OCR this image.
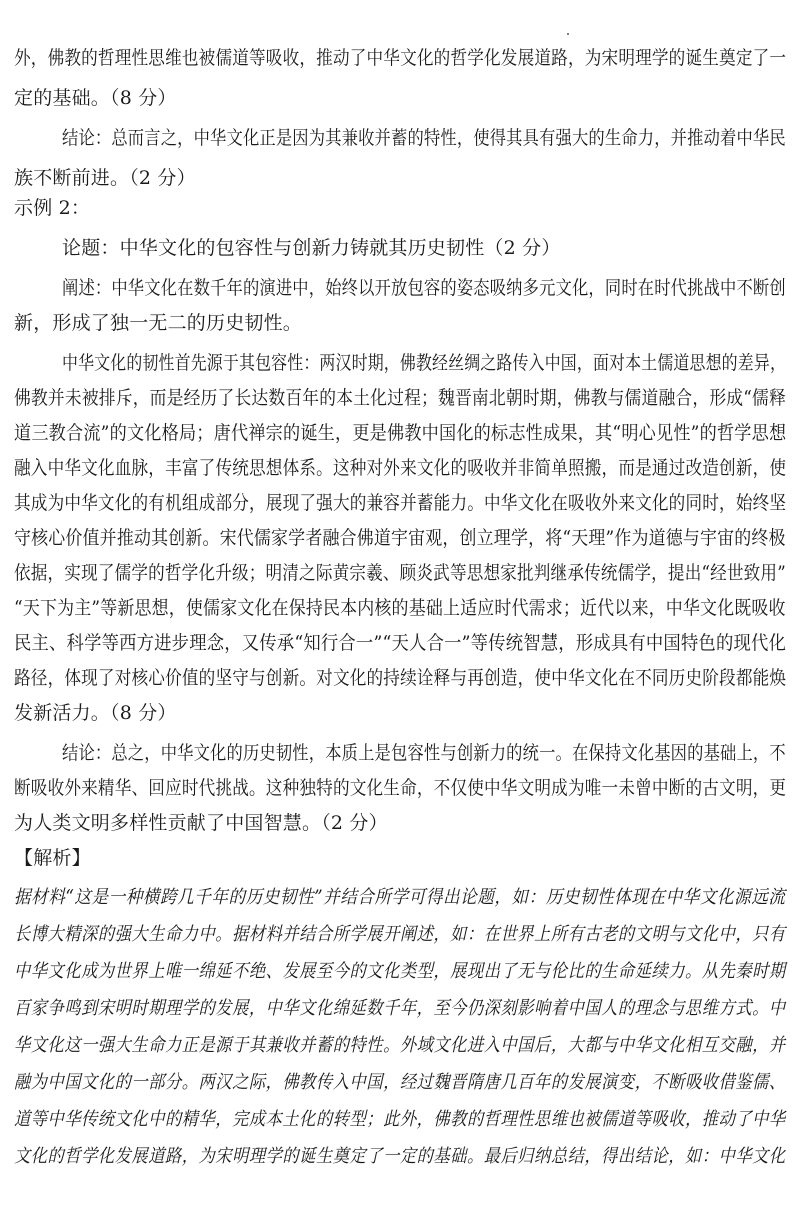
外，佛教的哲理性思维也被儒道等吸收，推动了中华文化的哲学化发展道路，为宋明理学的诞生奠定了一
定的基础。（8 分）
结论：总而言之，中华文化正是因为其兼收并蓄的特性，使得其具有强大的生命力，并推动着中华民
族不断前进。（2 分）
示例 2：
论题：中华文化的包容性与创新力铸就其历史韧性（2 分）
阐述：中华文化在数千年的演进中，始终以开放包容的姿态吸纳多元文化，同时在时代挑战中不断创
新，形成了独一无二的历史韧性。
中华文化的韧性首先源于其包容性：两汉时期，佛教经丝绸之路传入中国，面对本土儒道思想的差异，
佛教并未被排斥，而是经历了长达数百年的本土化过程；魏晋南北朝时期，佛教与儒道融合，形成“儒释
道三教合流”的文化格局；唐代禅宗的诞生，更是佛教中国化的标志性成果，其“明心见性”的哲学思想
融入中华文化血脉，丰富了传统思想体系。这种对外来文化的吸收并非简单照搬，而是通过改造创新，使
其成为中华文化的有机组成部分，展现了强大的兼容并蓄能力。中华文化在吸收外来文化的同时，始终坚
守核心价值并推动其创新。宋代儒家学者融合佛道宇宙观，创立理学，将“天理”作为道德与宇宙的终极
依据，实现了儒学的哲学化升级；明清之际黄宗羲、顾炎武等思想家批判继承传统儒学，提出“经世致用”
“天下为主”等新思想，使儒家文化在保持民本内核的基础上适应时代需求；近代以来，中华文化既吸收
民主、科学等西方进步理念，又传承“知行合一”“天人合一”等传统智慧，形成具有中国特色的现代化
路径，体现了对核心价值的坚守与创新。对文化的持续诠释与再创造，使中华文化在不同历史阶段都能焕
发新活力。（8 分）
结论：总之，中华文化的历史韧性，本质上是包容性与创新力的统一。在保持文化基因的基础上，不
断吸收外来精华、回应时代挑战。这种独特的文化生命，不仅使中华文明成为唯一未曾中断的古文明，更
为人类文明多样性贡献了中国智慧。（2 分）
【解析】
据材料“这是一种横跨几千年的历史韧性”并结合所学可得出论题，如：历史韧性体现在中华文化源远流
长博大精深的强大生命力中。据材料并结合所学展开阐述，如：在世界上所有古老的文明与文化中，只有
中华文化成为世界上唯一绵延不绝、发展至今的文化类型，展现出了无与伦比的生命延续力。从先秦时期
百家争鸣到宋明时期理学的发展，中华文化绵延数千年，至今仍深刻影响着中国人的理念与思维方式。中
华文化这一强大生命力正是源于其兼收并蓄的特性。外域文化进入中国后，大都与中华文化相互交融，并
融为中国文化的一部分。两汉之际，佛教传入中国，经过魏晋隋唐几百年的发展演变，不断吸收借鉴儒、
道等中华传统文化中的精华，完成本土化的转型；此外，佛教的哲理性思维也被儒道等吸收，推动了中华
文化的哲学化发展道路，为宋明理学的诞生奠定了一定的基础。最后归纳总结，得出结论，如：中华文化
